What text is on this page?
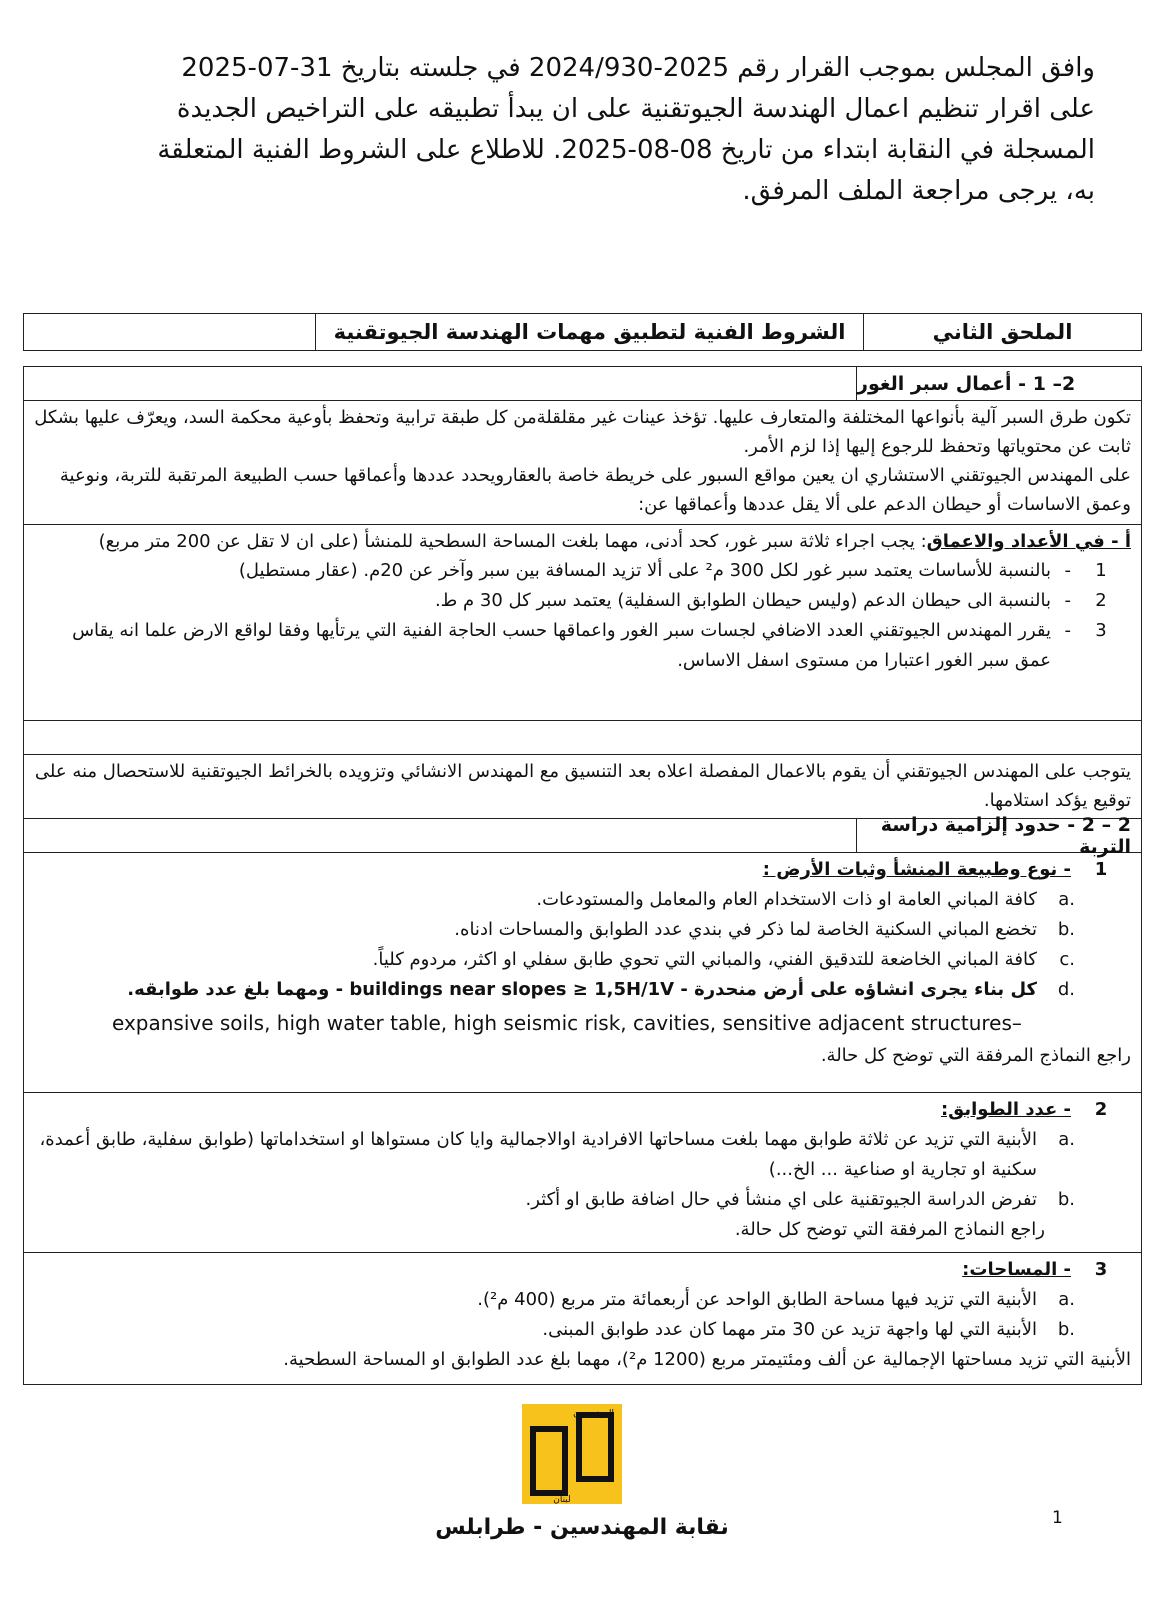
وافق المجلس بموجب القرار رقم 2025-2024/930 في جلسته بتاريخ 31-07-2025
على اقرار تنظيم اعمال الهندسة الجيوتقنية على ان يبدأ تطبيقه على التراخيص الجديدة
المسجلة في النقابة ابتداء من تاريخ 08-08-2025. للاطلاع على الشروط الفنية المتعلقة
به، يرجى مراجعة الملف المرفق.
الملحق الثاني
الشروط الفنية لتطبيق مهمات الهندسة الجيوتقنية
2– 1 - أعمال سبر الغور
تكون طرق السبر آلية بأنواعها المختلفة والمتعارف عليها. تؤخذ عينات غير مقلقلةمن كل طبقة ترابية وتحفظ بأوعية محكمة السد، ويعرّف عليها بشكل ثابت عن محتوياتها وتحفظ للرجوع إليها إذا لزم الأمر.
على المهندس الجيوتقني الاستشاري ان يعين مواقع السبور على خريطة خاصة بالعقارويحدد عددها وأعماقها حسب الطبيعة المرتقبة للتربة، ونوعية وعمق الاساسات أو حيطان الدعم على ألا يقل عددها وأعماقها عن:
أ - في الأعداد والاعماق: يجب اجراء ثلاثة سبر غور، كحد أدنى، مهما بلغت المساحة السطحية للمنشأ (على ان لا تقل عن 200 متر مربع)
1
-
بالنسبة للأساسات يعتمد سبر غور لكل 300 م² على ألا تزيد المسافة بين سبر وآخر عن 20م. (عقار مستطيل)
2
-
بالنسبة الى حيطان الدعم (وليس حيطان الطوابق السفلية) يعتمد سبر كل 30 م ط.
3
-
يقرر المهندس الجيوتقني العدد الاضافي لجسات سبر الغور واعماقها حسب الحاجة الفنية التي يرتأيها وفقا لواقع الارض علما انه يقاس عمق سبر الغور اعتبارا من مستوى اسفل الاساس.
يتوجب على المهندس الجيوتقني أن يقوم بالاعمال المفصلة اعلاه بعد التنسيق مع المهندس الانشائي وتزويده بالخرائط الجيوتقنية للاستحصال منه على توقيع يؤكد استلامها.
2 – 2 - حدود إلزامية دراسة التربة
1
- نوع وطبيعة المنشأ وثبات الأرض :
a.
كافة المباني العامة او ذات الاستخدام العام والمعامل والمستودعات.
b.
تخضع المباني السكنية الخاصة لما ذكر في بندي عدد الطوابق والمساحات ادناه.
c.
كافة المباني الخاضعة للتدقيق الفني، والمباني التي تحوي طابق سفلي او اكثر، مردوم كلياً.
d.
كل بناء يجرى انشاؤه على أرض منحدرة - buildings near slopes ≥ 1,5H/1V - ومهما بلغ عدد طوابقه.
expansive soils, high water table, high seismic risk, cavities, sensitive adjacent structures–
راجع النماذج المرفقة التي توضح كل حالة.
2
- عدد الطوابق:
a.
الأبنية التي تزيد عن ثلاثة طوابق مهما بلغت مساحاتها الافرادية اوالاجمالية وايا كان مستواها او استخداماتها (طوابق سفلية، طابق أعمدة، سكنية او تجارية او صناعية ... الخ...)
b.
تفرض الدراسة الجيوتقنية على اي منشأ في حال اضافة طابق او أكثر.
راجع النماذج المرفقة التي توضح كل حالة.
3
- المساحات:
a.
الأبنية التي تزيد فيها مساحة الطابق الواحد عن أربعمائة متر مربع (400 م²).
b.
الأبنية التي لها واجهة تزيد عن 30 متر مهما كان عدد طوابق المبنى.
الأبنية التي تزيد مساحتها الإجمالية عن ألف ومئتيمتر مربع (1200 م²)، مهما بلغ عدد الطوابق او المساحة السطحية.
المهندسون
لبنان
نقابة المهندسين - طرابلس	1
